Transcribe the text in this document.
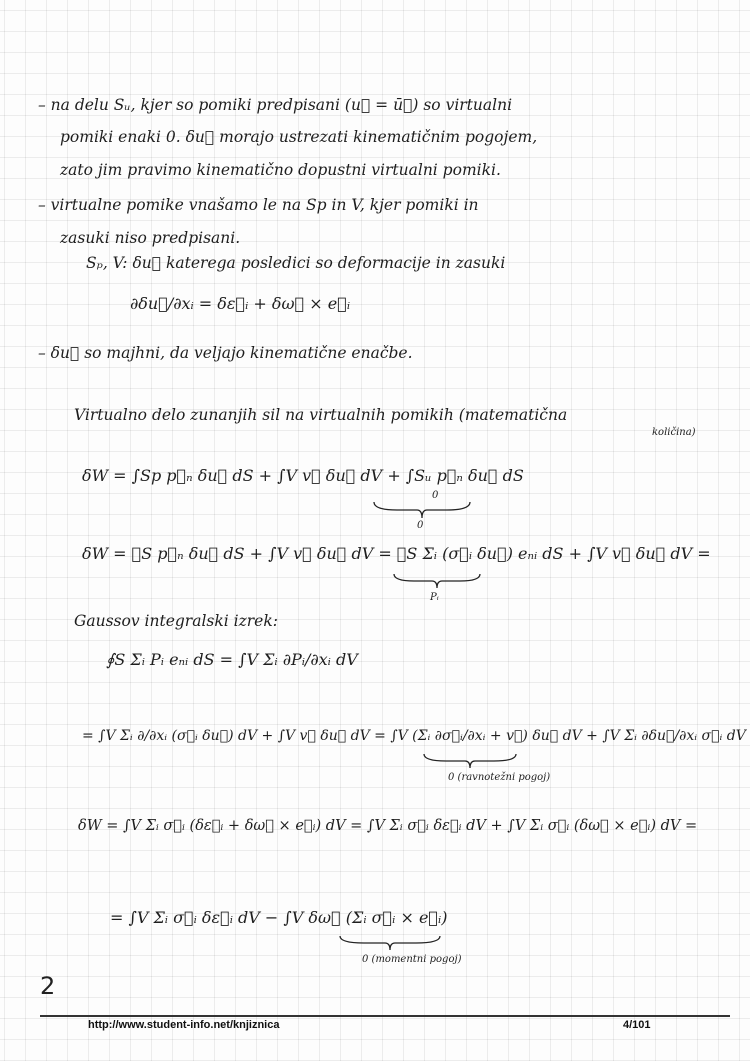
– na delu Sᵤ, kjer so pomiki predpisani (u⃗ = ū⃗) so virtualni
pomiki enaki 0. δu⃗ morajo ustrezati kinematičnim pogojem,
zato jim pravimo kinematično dopustni virtualni pomiki.
– virtualne pomike vnašamo le na Sp in V, kjer pomiki in
zasuki niso predpisani.
Sₚ, V: δu⃗ katerega posledici so deformacije in zasuki
∂δu⃗/∂xᵢ = δε⃗ᵢ + δω⃗ × e⃗ᵢ
– δu⃗ so majhni, da veljajo kinematične enačbe.
Virtualno delo zunanjih sil na virtualnih pomikih (matematična
količina)
δW = ∫Sp p⃗ₙ δu⃗ dS + ∫V v⃗ δu⃗ dV + ∫Sᵤ p⃗ₙ δu⃗ dS
0
0
δW = ∮S p⃗ₙ δu⃗ dS + ∫V v⃗ δu⃗ dV = ∮S Σᵢ (σ⃗ᵢ δu⃗) eₙᵢ dS + ∫V v⃗ δu⃗ dV =
Pᵢ
Gaussov integralski izrek:
∮S Σᵢ Pᵢ eₙᵢ dS = ∫V Σᵢ ∂Pᵢ/∂xᵢ dV
= ∫V Σᵢ ∂/∂xᵢ (σ⃗ᵢ δu⃗) dV + ∫V v⃗ δu⃗ dV = ∫V (Σᵢ ∂σ⃗ᵢ/∂xᵢ + v⃗) δu⃗ dV + ∫V Σᵢ ∂δu⃗/∂xᵢ σ⃗ᵢ dV
0 (ravnotežni pogoj)
δW = ∫V Σᵢ σ⃗ᵢ (δε⃗ᵢ + δω⃗ × e⃗ᵢ) dV = ∫V Σᵢ σ⃗ᵢ δε⃗ᵢ dV + ∫V Σᵢ σ⃗ᵢ (δω⃗ × e⃗ᵢ) dV =
= ∫V Σᵢ σ⃗ᵢ δε⃗ᵢ dV − ∫V δω⃗ (Σᵢ σ⃗ᵢ × e⃗ᵢ)
0 (momentni pogoj)
2
http://www.student-info.net/knjiznica	4/101
